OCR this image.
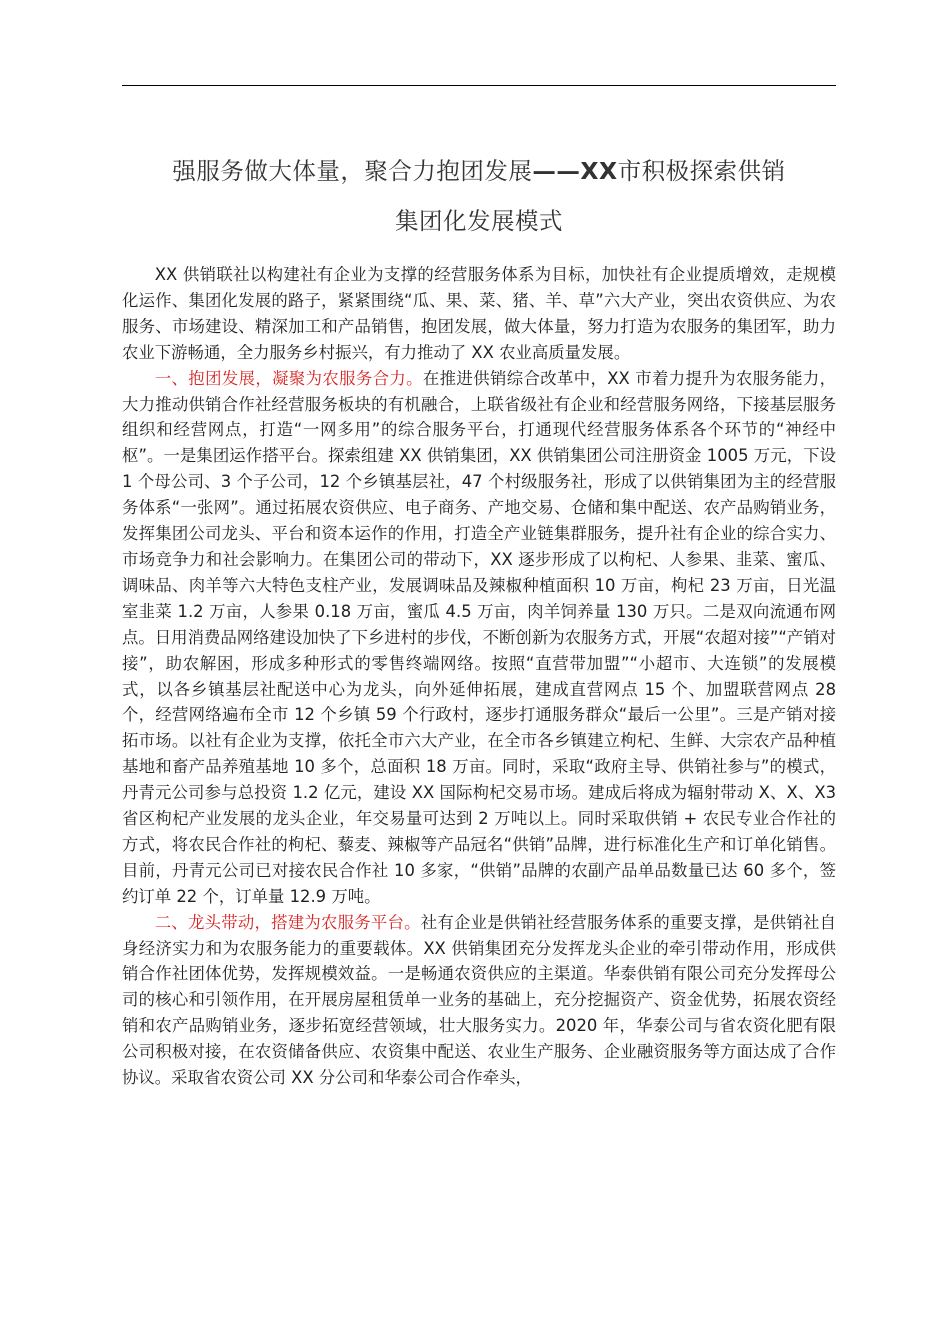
强服务做大体量，聚合力抱团发展——XX市积极探索供销
集团化发展模式

XX 供销联社以构建社有企业为支撑的经营服务体系为目标，加快社有企业提质增效，走规模化运作、集团化发展的路子，紧紧围绕“瓜、果、菜、猪、羊、草”六大产业，突出农资供应、为农服务、市场建设、精深加工和产品销售，抱团发展，做大体量，努力打造为农服务的集团军，助力农业下游畅通，全力服务乡村振兴，有力推动了 XX 农业高质量发展。

一、抱团发展，凝聚为农服务合力。在推进供销综合改革中，XX 市着力提升为农服务能力，大力推动供销合作社经营服务板块的有机融合，上联省级社有企业和经营服务网络，下接基层服务组织和经营网点，打造“一网多用”的综合服务平台，打通现代经营服务体系各个环节的“神经中枢”。一是集团运作搭平台。探索组建 XX 供销集团，XX 供销集团公司注册资金 1005 万元，下设 1 个母公司、3 个子公司，12 个乡镇基层社，47 个村级服务社，形成了以供销集团为主的经营服务体系“一张网”。通过拓展农资供应、电子商务、产地交易、仓储和集中配送、农产品购销业务，发挥集团公司龙头、平台和资本运作的作用，打造全产业链集群服务，提升社有企业的综合实力、市场竞争力和社会影响力。在集团公司的带动下，XX 逐步形成了以枸杞、人参果、韭菜、蜜瓜、调味品、肉羊等六大特色支柱产业，发展调味品及辣椒种植面积 10 万亩，枸杞 23 万亩，日光温室韭菜 1.2 万亩，人参果 0.18 万亩，蜜瓜 4.5 万亩，肉羊饲养量 130 万只。二是双向流通布网点。日用消费品网络建设加快了下乡进村的步伐，不断创新为农服务方式，开展“农超对接”“产销对接”，助农解困，形成多种形式的零售终端网络。按照“直营带加盟”“小超市、大连锁”的发展模式，以各乡镇基层社配送中心为龙头，向外延伸拓展，建成直营网点 15 个、加盟联营网点 28 个，经营网络遍布全市 12 个乡镇 59 个行政村，逐步打通服务群众“最后一公里”。三是产销对接拓市场。以社有企业为支撑，依托全市六大产业，在全市各乡镇建立枸杞、生鲜、大宗农产品种植基地和畜产品养殖基地 10 多个，总面积 18 万亩。同时，采取“政府主导、供销社参与”的模式，丹青元公司参与总投资 1.2 亿元，建设 XX 国际枸杞交易市场。建成后将成为辐射带动 X、X、X3 省区枸杞产业发展的龙头企业，年交易量可达到 2 万吨以上。同时采取供销 + 农民专业合作社的方式，将农民合作社的枸杞、藜麦、辣椒等产品冠名“供销”品牌，进行标准化生产和订单化销售。目前，丹青元公司已对接农民合作社 10 多家，“供销”品牌的农副产品单品数量已达 60 多个，签约订单 22 个，订单量 12.9 万吨。

二、龙头带动，搭建为农服务平台。社有企业是供销社经营服务体系的重要支撑，是供销社自身经济实力和为农服务能力的重要载体。XX 供销集团充分发挥龙头企业的牵引带动作用，形成供销合作社团体优势，发挥规模效益。一是畅通农资供应的主渠道。华泰供销有限公司充分发挥母公司的核心和引领作用，在开展房屋租赁单一业务的基础上，充分挖掘资产、资金优势，拓展农资经销和农产品购销业务，逐步拓宽经营领域，壮大服务实力。2020 年，华泰公司与省农资化肥有限公司积极对接，在农资储备供应、农资集中配送、农业生产服务、企业融资服务等方面达成了合作协议。采取省农资公司 XX 分公司和华泰公司合作牵头，
